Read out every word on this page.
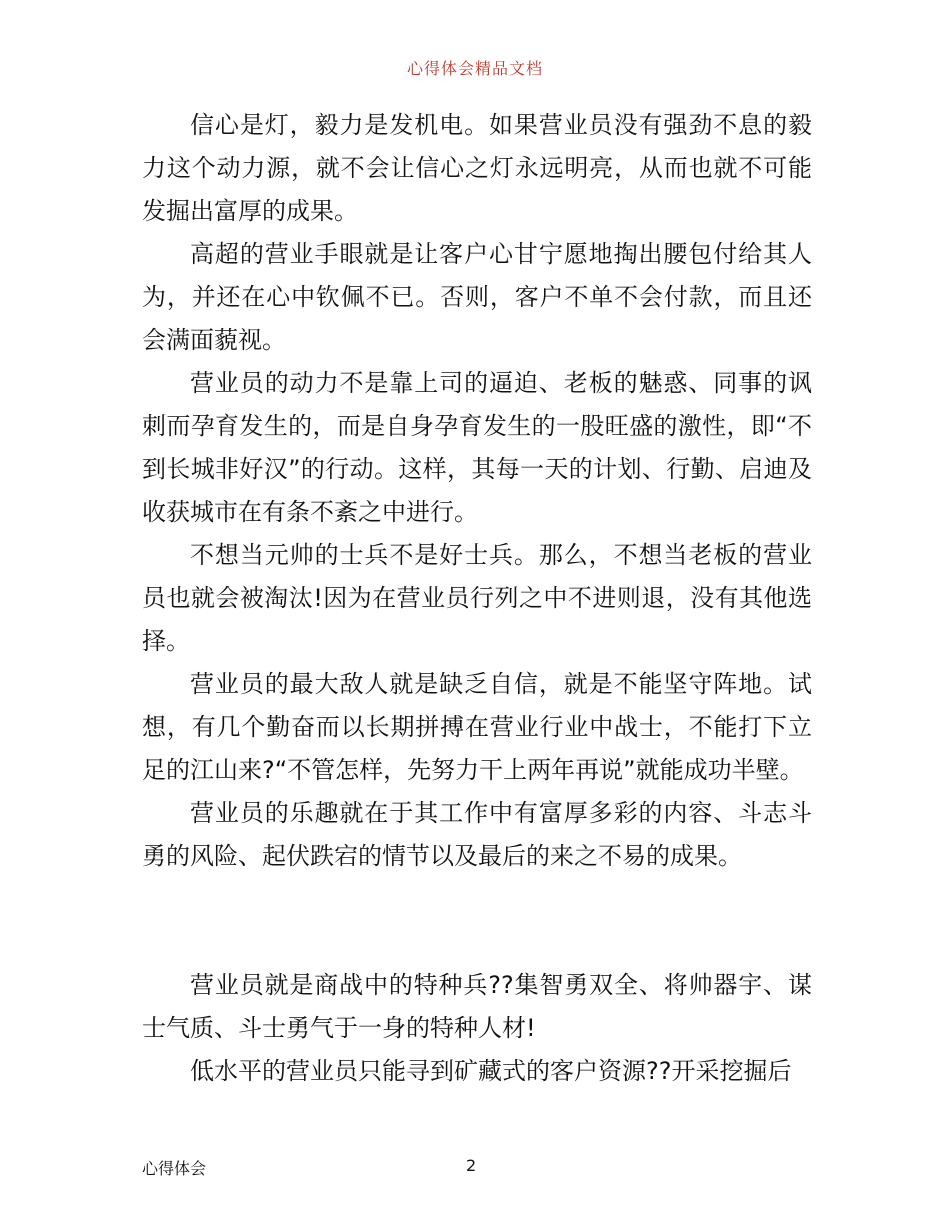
心得体会精品文档

信心是灯，毅力是发机电。如果营业员没有强劲不息的毅力这个动力源，就不会让信心之灯永远明亮，从而也就不可能发掘出富厚的成果。

高超的营业手眼就是让客户心甘宁愿地掏出腰包付给其人为，并还在心中钦佩不已。否则，客户不单不会付款，而且还会满面藐视。

营业员的动力不是靠上司的逼迫、老板的魅惑、同事的讽刺而孕育发生的，而是自身孕育发生的一股旺盛的激性，即“不到长城非好汉”的行动。这样，其每一天的计划、行勤、启迪及收获城市在有条不紊之中进行。

不想当元帅的士兵不是好士兵。那么，不想当老板的营业员也就会被淘汰!因为在营业员行列之中不进则退，没有其他选择。

营业员的最大敌人就是缺乏自信，就是不能坚守阵地。试想，有几个勤奋而以长期拼搏在营业行业中战士，不能打下立足的江山来?“不管怎样，先努力干上两年再说”就能成功半壁。

营业员的乐趣就在于其工作中有富厚多彩的内容、斗志斗勇的风险、起伏跌宕的情节以及最后的来之不易的成果。

营业员就是商战中的特种兵??集智勇双全、将帅器宇、谋士气质、斗士勇气于一身的特种人材!

低水平的营业员只能寻到矿藏式的客户资源??开采挖掘后

心得体会	2
